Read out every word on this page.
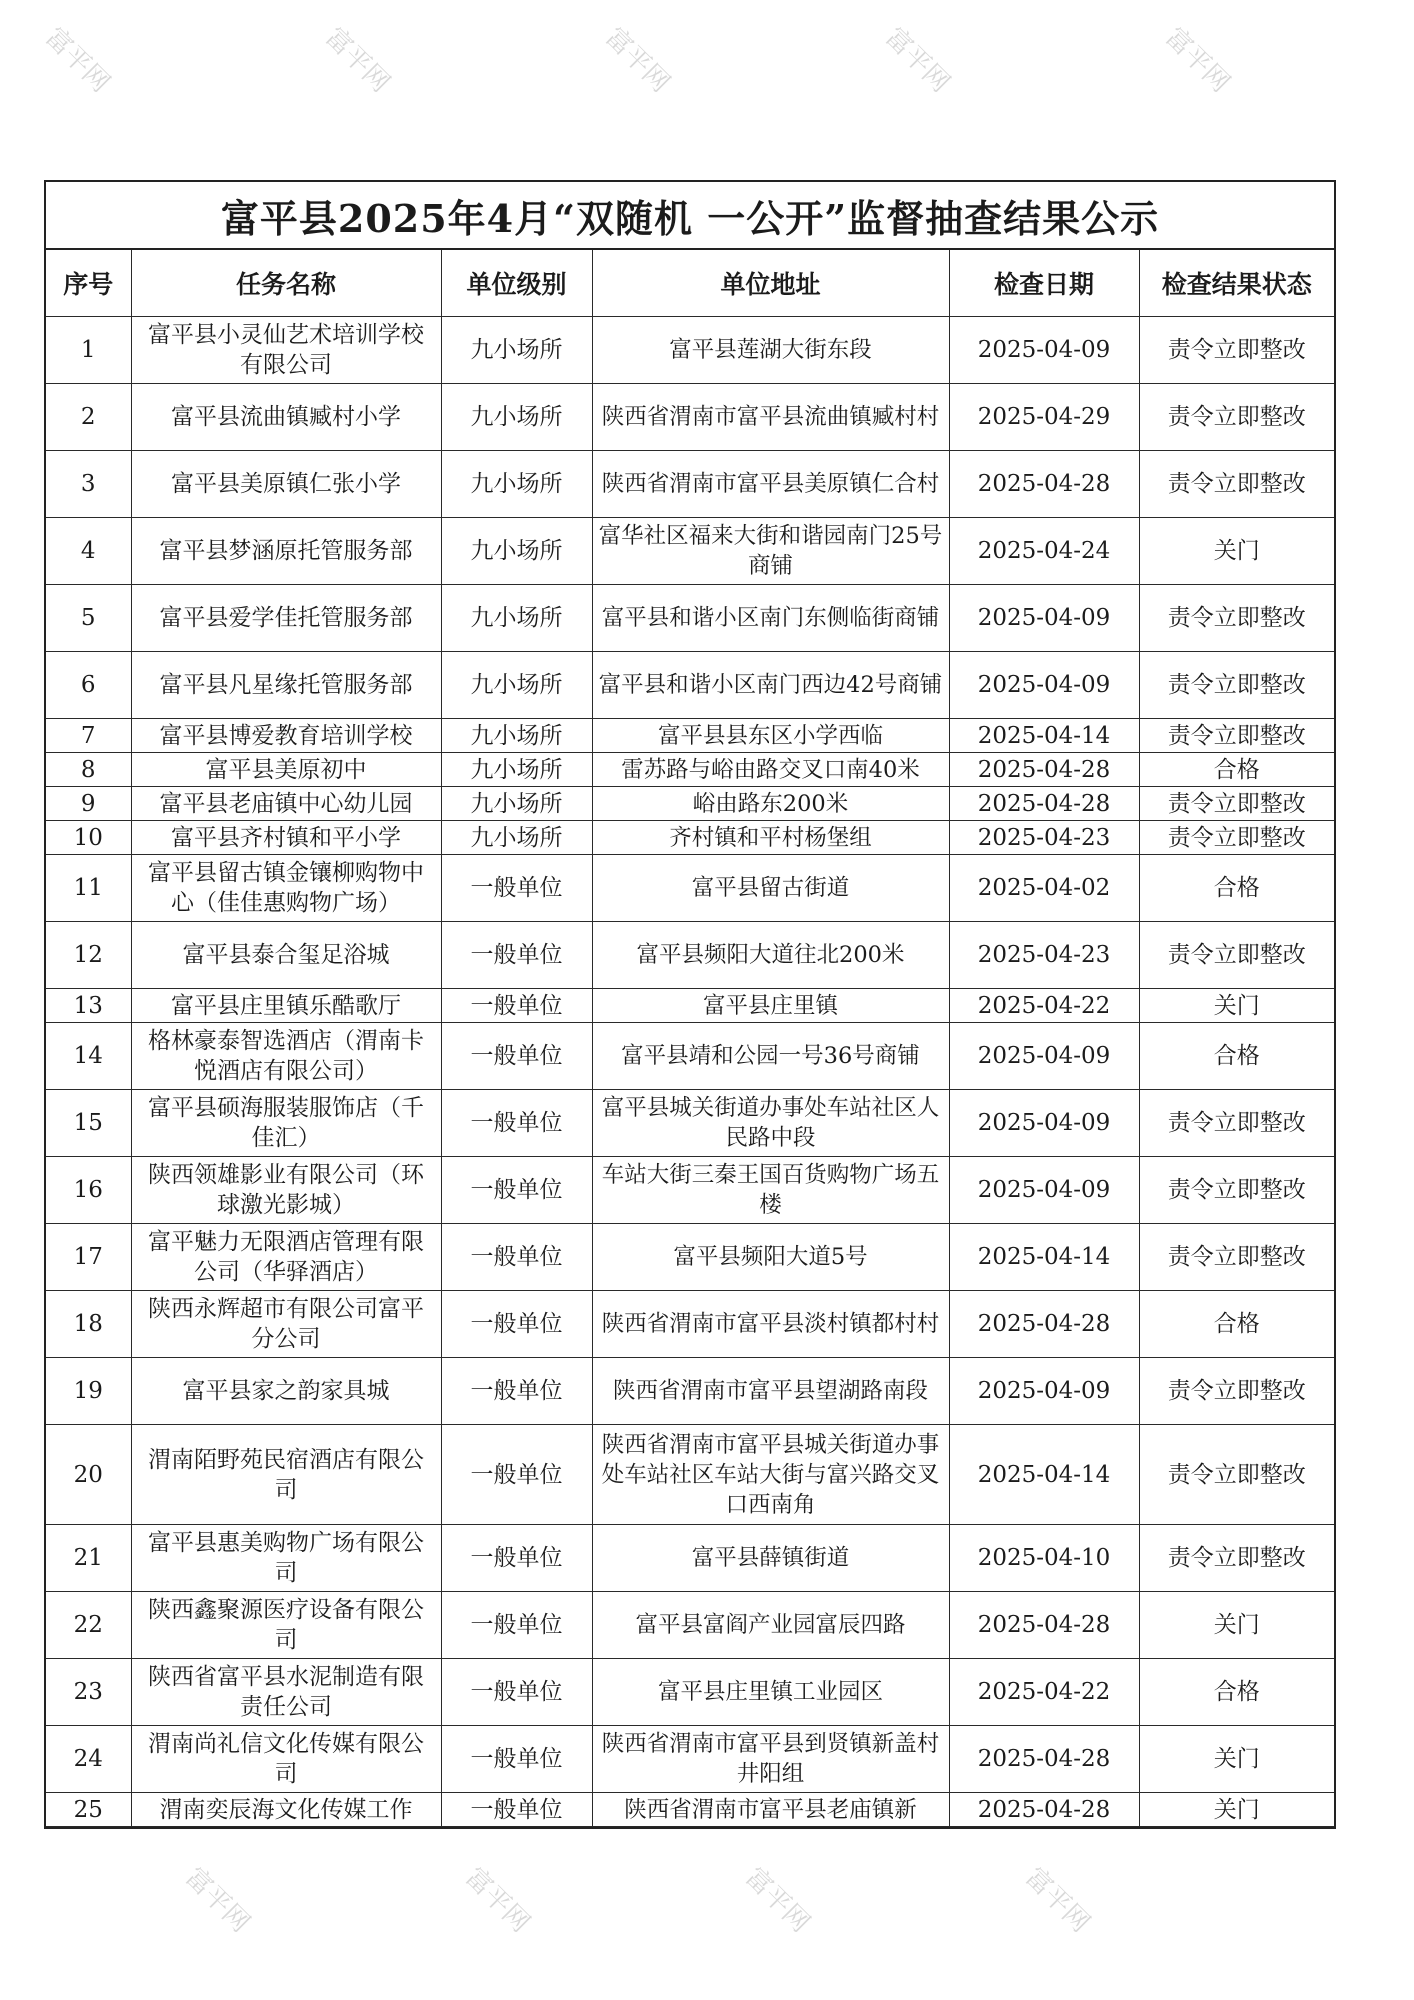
富平网	富平网	富平网	富平网	富平网
富平网	富平网	富平网	富平网
富平县2025年4月“双随机 一公开”监督抽查结果公示
序号	任务名称	单位级别	单位地址	检查日期	检查结果状态
1	富平县小灵仙艺术培训学校有限公司	九小场所	富平县莲湖大街东段	2025-04-09	责令立即整改
2	富平县流曲镇臧村小学	九小场所	陕西省渭南市富平县流曲镇臧村村	2025-04-29	责令立即整改
3	富平县美原镇仁张小学	九小场所	陕西省渭南市富平县美原镇仁合村	2025-04-28	责令立即整改
4	富平县梦涵原托管服务部	九小场所	富华社区福来大街和谐园南门25号商铺	2025-04-24	关门
5	富平县爱学佳托管服务部	九小场所	富平县和谐小区南门东侧临街商铺	2025-04-09	责令立即整改
6	富平县凡星缘托管服务部	九小场所	富平县和谐小区南门西边42号商铺	2025-04-09	责令立即整改
7	富平县博爱教育培训学校	九小场所	富平县县东区小学西临	2025-04-14	责令立即整改
8	富平县美原初中	九小场所	雷苏路与峪由路交叉口南40米	2025-04-28	合格
9	富平县老庙镇中心幼儿园	九小场所	峪由路东200米	2025-04-28	责令立即整改
10	富平县齐村镇和平小学	九小场所	齐村镇和平村杨堡组	2025-04-23	责令立即整改
11	富平县留古镇金镶柳购物中心（佳佳惠购物广场）	一般单位	富平县留古街道	2025-04-02	合格
12	富平县泰合玺足浴城	一般单位	富平县频阳大道往北200米	2025-04-23	责令立即整改
13	富平县庄里镇乐酷歌厅	一般单位	富平县庄里镇	2025-04-22	关门
14	格林豪泰智选酒店（渭南卡悦酒店有限公司）	一般单位	富平县靖和公园一号36号商铺	2025-04-09	合格
15	富平县硕海服装服饰店（千佳汇）	一般单位	富平县城关街道办事处车站社区人民路中段	2025-04-09	责令立即整改
16	陕西领雄影业有限公司（环球激光影城）	一般单位	车站大街三秦王国百货购物广场五楼	2025-04-09	责令立即整改
17	富平魅力无限酒店管理有限公司（华驿酒店）	一般单位	富平县频阳大道5号	2025-04-14	责令立即整改
18	陕西永辉超市有限公司富平分公司	一般单位	陕西省渭南市富平县淡村镇都村村	2025-04-28	合格
19	富平县家之韵家具城	一般单位	陕西省渭南市富平县望湖路南段	2025-04-09	责令立即整改
20	渭南陌野苑民宿酒店有限公司	一般单位	陕西省渭南市富平县城关街道办事处车站社区车站大街与富兴路交叉口西南角	2025-04-14	责令立即整改
21	富平县惠美购物广场有限公司	一般单位	富平县薛镇街道	2025-04-10	责令立即整改
22	陕西鑫聚源医疗设备有限公司	一般单位	富平县富阎产业园富辰四路	2025-04-28	关门
23	陕西省富平县水泥制造有限责任公司	一般单位	富平县庄里镇工业园区	2025-04-22	合格
24	渭南尚礼信文化传媒有限公司	一般单位	陕西省渭南市富平县到贤镇新盖村井阳组	2025-04-28	关门
25	渭南奕辰海文化传媒工作	一般单位	陕西省渭南市富平县老庙镇新	2025-04-28	关门
